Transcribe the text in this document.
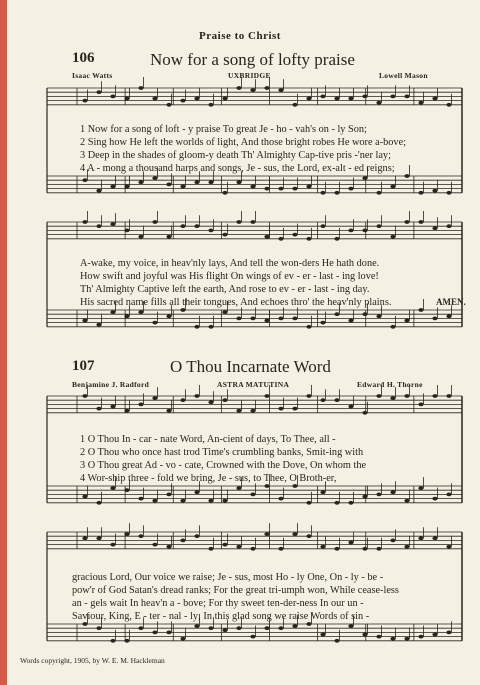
Praise to Christ
106	Now for a song of lofty praise
Isaac Watts	UXBRIDGE	Lowell Mason
1 Now for a song of loft - y praise To great Je - ho - vah's on - ly Son;
2 Sing how He left the worlds of light, And those bright robes He wore a-bove;
3 Deep in the shades of gloom-y death Th' Almighty Cap-tive pris -'ner lay;
4 A - mong a thousand harps and songs, Je - sus, the Lord, ex-alt - ed reigns;
A-wake, my voice, in heav'nly lays, And tell the won-ders He hath done.
How swift and joyful was His flight On wings of ev - er - last - ing love!
Th' Almighty Captive left the earth, And rose to ev - er - last - ing day.
His sacred name fills all their tongues, And echoes thro' the heav'nly plains.	AMEN.
107	O Thou Incarnate Word
Benjamine J. Radford	ASTRA MATUTINA	Edward H. Thorne
1 O Thou In - car - nate Word, An-cient of days, To Thee, all -
2 O Thou who once hast trod Time's crumbling banks, Smit-ing with
3 O Thou great Ad - vo - cate, Crowned with the Dove, On whom the
4 Wor-ship three - fold we bring, Je - sus, to Thee, O Broth-er,
gracious Lord, Our voice we raise; Je - sus, most Ho - ly One, On - ly - be -
pow'r of God Satan's dread ranks; For the great tri-umph won, While cease-less
an - gels wait In heav'n a - bove; For thy sweet ten-der-ness In our un -
Saviour, King, E - ter - nal - ly; In this glad song we raise Words of sin -
Words copyright, 1905, by W. E. M. Hackleman
